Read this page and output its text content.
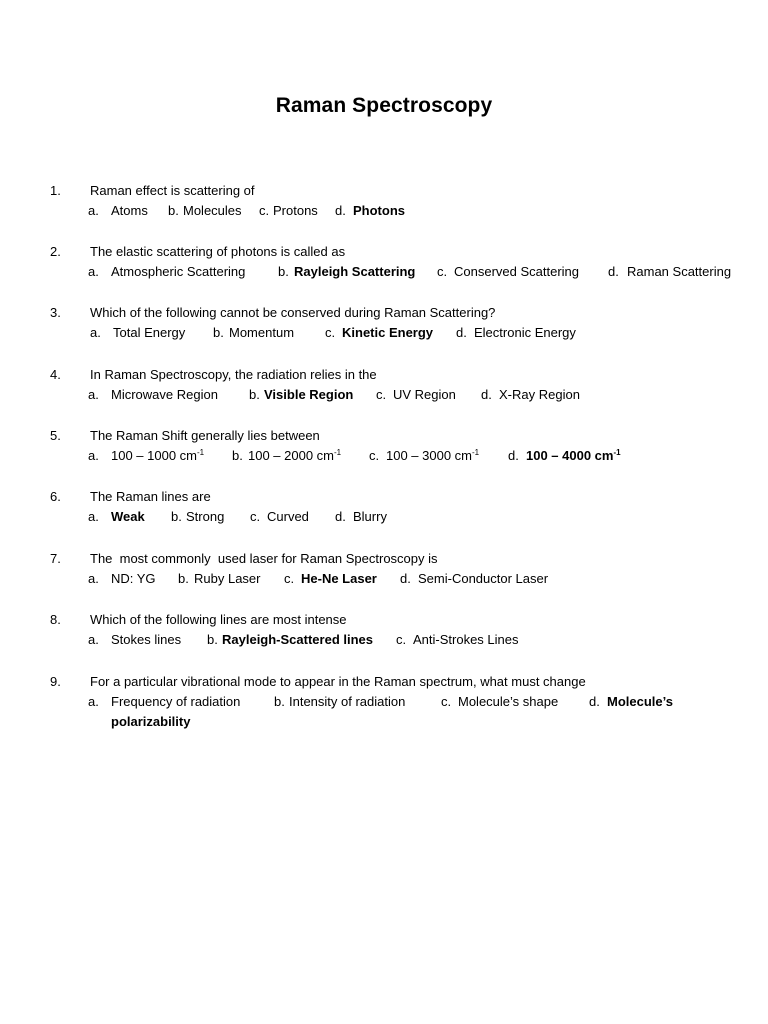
Raman Spectroscopy
1. Raman effect is scattering of
a. Atoms b. Molecules c. Protons d. Photons
2. The elastic scattering of photons is called as
a. Atmospheric Scattering	b. Rayleigh Scattering c. Conserved Scattering d. Raman Scattering
3. Which of the following cannot be conserved during Raman Scattering?
a. Total Energy b. Momentum c. Kinetic Energy d. Electronic Energy
4. In Raman Spectroscopy, the radiation relies in the
a. Microwave Region b. Visible Region c. UV Region d. X-Ray Region
5. The Raman Shift generally lies between
a. 100 – 1000 $cm^{-1}$ b. 100 – 2000 $cm^{-1}$ c. 100 – 3000 $cm^{-1}$ d. 100 – 4000 $cm^{-1}$
6. The Raman lines are
a. Weak b. Strong c. Curved d. Blurry
7. The  most commonly  used laser for Raman Spectroscopy is
a. ND: YG b. Ruby Laser c. He-Ne Laser d. Semi-Conductor Laser
8. Which of the following lines are most intense
a. Stokes lines b. Rayleigh-Scattered lines c. Anti-Strokes Lines
9. For a particular vibrational mode to appear in the Raman spectrum, what must change
a. Frequency of radiation	b. Intensity of radiation	c. Molecule’s shape d. Molecule’s
polarizability
